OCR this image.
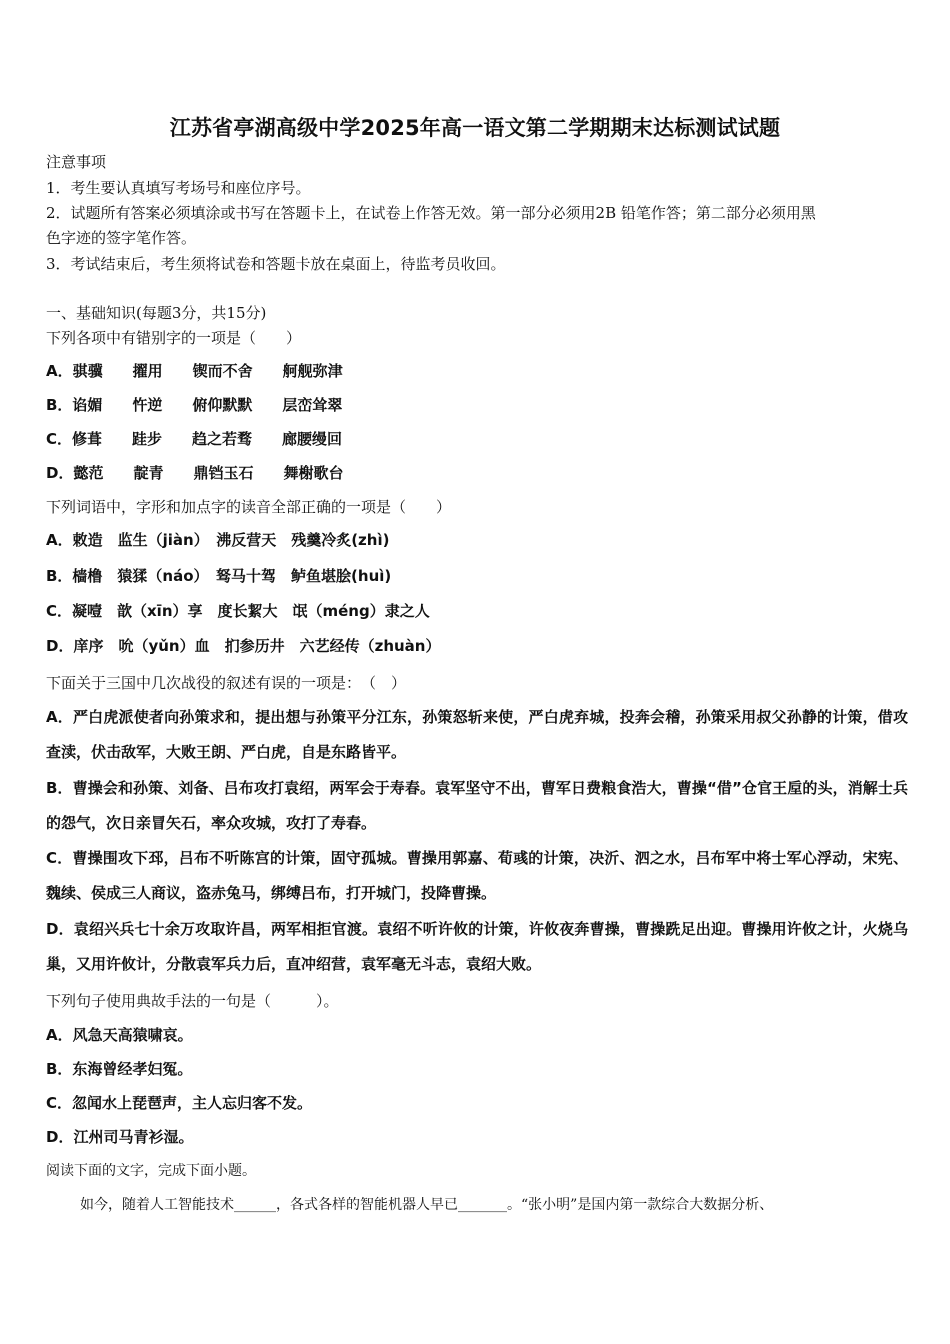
江苏省亭湖高级中学2025年高一语文第二学期期末达标测试试题
注意事项
1．考生要认真填写考场号和座位序号。
2．试题所有答案必须填涂或书写在答题卡上，在试卷上作答无效。第一部分必须用2B 铅笔作答；第二部分必须用黑
色字迹的签字笔作答。
3．考试结束后，考生须将试卷和答题卡放在桌面上，待监考员收回。
一、基础知识(每题3分，共15分)
下列各项中有错别字的一项是（　　）
A．骐骥　　擢用　　锲而不舍　　舸舰弥津
B．谄媚　　忤逆　　俯仰默默　　层峦耸翠
C．修葺　　跬步　　趋之若骛　　廊腰缦回
D．懿范　　靛青　　鼎铛玉石　　舞榭歌台
下列词语中，字形和加点字的读音全部正确的一项是（　　）
A．敕造　监生（jiàn）　沸反营天　残羹冷炙(zhì)
B．樯橹　猿猱（náo）　驽马十驾　鲈鱼堪脍(huì)
C．凝噎　歆（xīn）享　度长絜大　氓（méng）隶之人
D．庠序　吮（yǔn）血　扪参历井　六艺经传（zhuàn）
下面关于三国中几次战役的叙述有误的一项是：　（　）
A．严白虎派使者向孙策求和，提出想与孙策平分江东，孙策怒斩来使，严白虎弃城，投奔会稽，孙策采用叔父孙静的计策，借攻查渎，伏击敌军，大败王朗、严白虎，自是东路皆平。
B．曹操会和孙策、刘备、吕布攻打袁绍，两军会于寿春。袁军坚守不出，曹军日费粮食浩大，曹操“借”仓官王垕的头，消解士兵的怨气，次日亲冒矢石，率众攻城，攻打了寿春。
C．曹操围攻下邳，吕布不听陈宫的计策，固守孤城。曹操用郭嘉、荀彧的计策，决沂、泗之水，吕布军中将士军心浮动，宋宪、魏续、侯成三人商议，盗赤兔马，绑缚吕布，打开城门，投降曹操。
D．袁绍兴兵七十余万攻取许昌，两军相拒官渡。袁绍不听许攸的计策，许攸夜奔曹操，曹操跣足出迎。曹操用许攸之计，火烧乌巢，又用许攸计，分散袁军兵力后，直冲绍营，袁军毫无斗志，袁绍大败。
下列句子使用典故手法的一句是（　　　）。
A．风急天高猿啸哀。
B．东海曾经孝妇冤。
C．忽闻水上琵琶声，主人忘归客不发。
D．江州司马青衫湿。
阅读下面的文字，完成下面小题。
如今，随着人工智能技术______，各式各样的智能机器人早已_______。“张小明”是国内第一款综合大数据分析、
